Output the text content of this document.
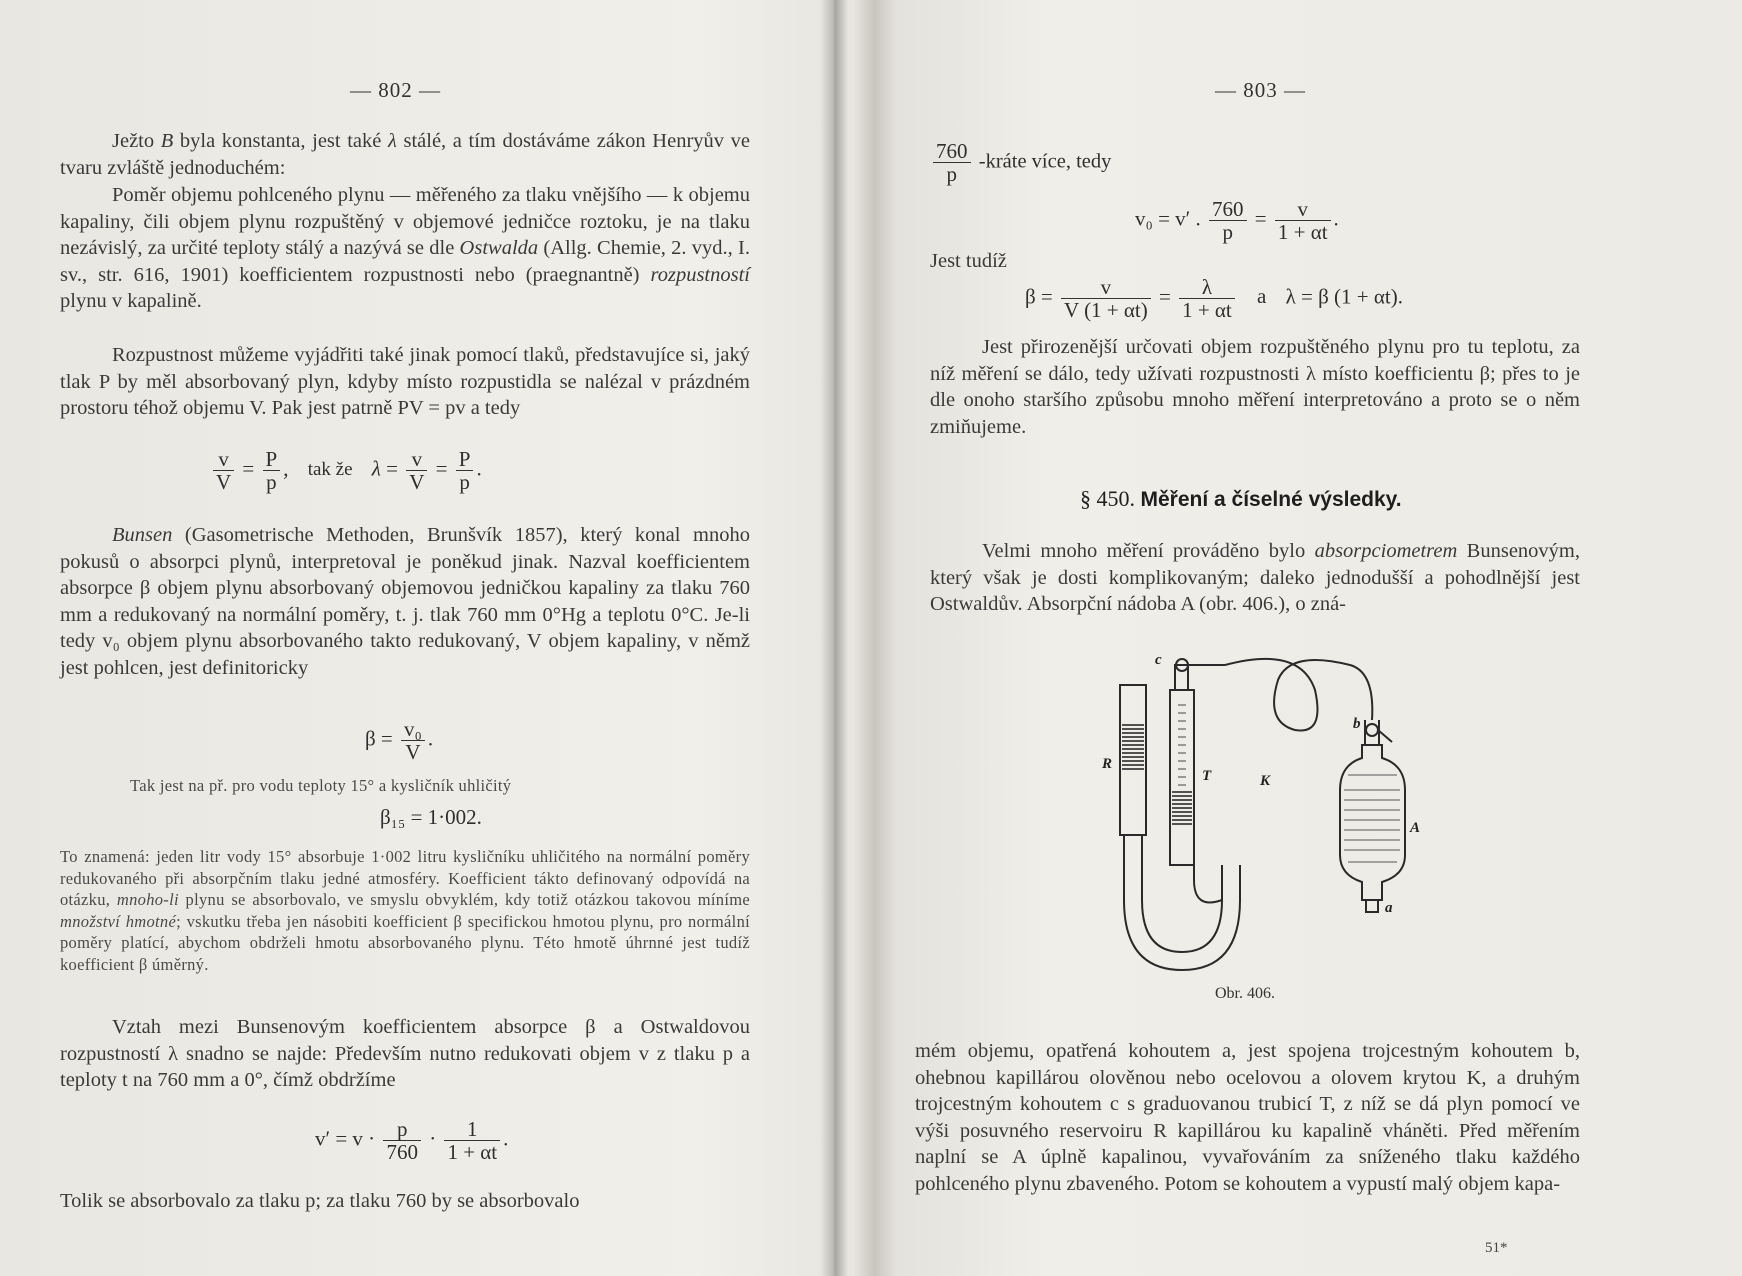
— 802 —

Ježto B byla konstanta, jest také λ stálé, a tím dostáváme zákon Henryův ve tvaru zvláště jednoduchém:

Poměr objemu pohlceného plynu — měřeného za tlaku vnějšího — k objemu kapaliny, čili objem plynu rozpuštěný v objemové jedničce roztoku, je na tlaku nezávislý, za určité teploty stálý a nazývá se dle Ostwalda (Allg. Chemie, 2. vyd., I. sv., str. 616, 1901) koefficientem rozpustnosti nebo (praegnantně) rozpustností plynu v kapalině.

Rozpustnost můžeme vyjádřiti také jinak pomocí tlaků, představujíce si, jaký tlak P by měl absorbovaný plyn, kdyby místo rozpustidla se nalézal v prázdném prostoru téhož objemu V. Pak jest patrně PV = pv a tedy

$\frac{v}{V} = \frac{P}{p}$ , tak že $\lambda = \frac{v}{V} = \frac{P}{p}$ .

Bunsen (Gasometrische Methoden, Brunšvík 1857), který konal mnoho pokusů o absorpci plynů, interpretoval je poněkud jinak. Nazval koefficientem absorpce β objem plynu absorbovaný objemovou jedničkou kapaliny za tlaku 760 mm a redukovaný na normální poměry, t. j. tlak 760 mm 0°Hg a teplotu 0°C. Je-li tedy v₀ objem plynu absorbovaného takto redukovaný, V objem kapaliny, v němž jest pohlcen, jest definitoricky

$\beta = \frac{\text{v₀}}{V}$ .

Tak jest na př. pro vodu teploty 15° a kysličník uhličitý

β₁₅ = 1·002.

To znamená: jeden litr vody 15° absorbuje 1·002 litru kysličníku uhličitého na normální poměry redukovaného při absorpčním tlaku jedné atmosféry. Koefficient tákto definovaný odpovídá na otázku, mnoho-li plynu se absorbovalo, ve smyslu obvyklém, kdy totiž otázkou takovou míníme množství hmotné; vskutku třeba jen násobiti koefficient β specifickou hmotou plynu, pro normální poměry platící, abychom obdrželi hmotu absorbovaného plynu. Této hmotě úhrnné jest tudíž koefficient β úměrný.

Vztah mezi Bunsenovým koefficientem absorpce β a Ostwaldovou rozpustností λ snadno se najde: Především nutno redukovati objem v z tlaku p a teploty t na 760 mm a 0°, čímž obdržíme

$v' = v \cdot \frac{p}{760} \cdot \frac{1}{1 + \alpha t}$ .

Tolik se absorbovalo za tlaku p; za tlaku 760 by se absorbovalo

— 803 —
$\frac{760}{p}$ -kráte více, tedy
v₀ = v′ . $\frac{760}{p} = \frac{v}{1 + \alpha t}$ .

Jest tudíž

$\beta = \frac{v}{V (1 + \alpha t)} = \frac{\lambda}{1 + \alpha t}$ a λ = β (1 + αt).

Jest přirozenější určovati objem rozpuštěného plynu pro tu teplotu, za níž měření se dálo, tedy užívati rozpustnosti λ místo koefficientu β; přes to je dle onoho staršího způsobu mnoho měření interpretováno a proto se o něm zmiňujeme.

§ 450. Měření a číselné výsledky.

Velmi mnoho měření prováděno bylo absorpciometrem Bunsenovým, který však je dosti komplikovaným; daleko jednodušší a pohodlnější jest Ostwaldův. Absorpční nádoba A (obr. 406.), o zná-

c
R
T	K
b
A
a
Obr. 406.

mém objemu, opatřená kohoutem a, jest spojena trojcestným kohoutem b, ohebnou kapillárou olověnou nebo ocelovou a olovem krytou K, a druhým trojcestným kohoutem c s graduovanou trubicí T, z níž se dá plyn pomocí ve výši posuvného reservoiru R kapillárou ku kapalině vháněti. Před měřením naplní se A úplně kapalinou, vyvařováním za sníženého tlaku každého pohlceného plynu zbaveného. Potom se kohoutem a vypustí malý objem kapa-

51*
